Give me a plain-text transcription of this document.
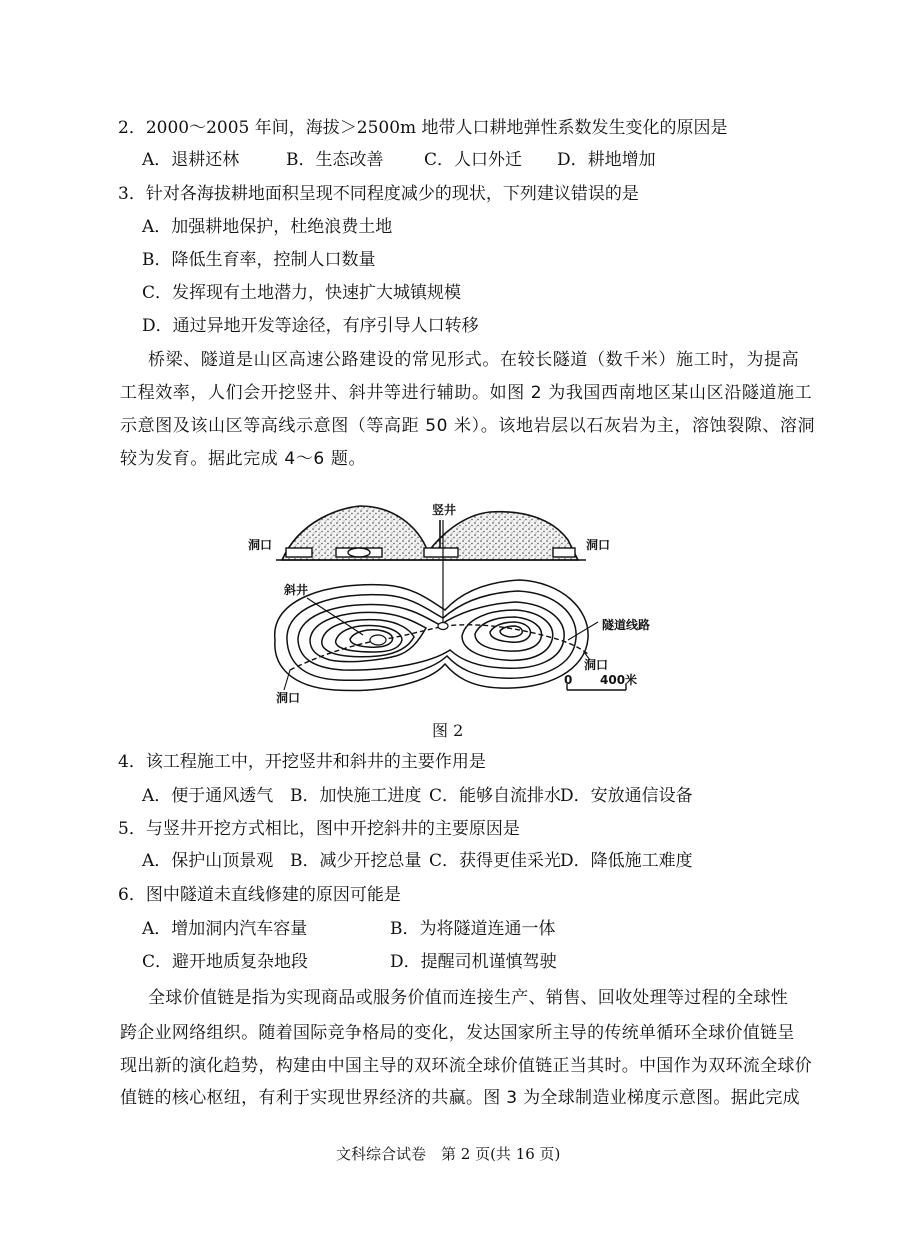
2．2000～2005 年间，海拔＞2500m 地带人口耕地弹性系数发生变化的原因是
A．退耕还林	B．生态改善 C．人口外迁 D．耕地增加
3．针对各海拔耕地面积呈现不同程度减少的现状，下列建议错误的是
A．加强耕地保护，杜绝浪费土地
B．降低生育率，控制人口数量
C．发挥现有土地潜力，快速扩大城镇规模
D．通过异地开发等途径，有序引导人口转移
桥梁、隧道是山区高速公路建设的常见形式。在较长隧道（数千米）施工时，为提高
工程效率，人们会开挖竖井、斜井等进行辅助。如图 2 为我国西南地区某山区沿隧道施工
示意图及该山区等高线示意图（等高距 50 米）。该地岩层以石灰岩为主，溶蚀裂隙、溶洞
较为发育。据此完成 4～6 题。
竖井
洞口	洞口
斜井
隧道线路
洞口
洞口
0 400米
图 2
4．该工程施工中，开挖竖井和斜井的主要作用是
A．便于通风透气 B．加快施工进度 C．能够自流排水
D．安放通信设备
5．与竖井开挖方式相比，图中开挖斜井的主要原因是
A．保护山顶景观 B．减少开挖总量 C．获得更佳采光
D．降低施工难度
6．图中隧道未直线修建的原因可能是
A．增加洞内汽车容量	B．为将隧道连通一体
C．避开地质复杂地段	D．提醒司机谨慎驾驶
全球价值链是指为实现商品或服务价值而连接生产、销售、回收处理等过程的全球性
跨企业网络组织。随着国际竞争格局的变化，发达国家所主导的传统单循环全球价值链呈
现出新的演化趋势，构建由中国主导的双环流全球价值链正当其时。中国作为双环流全球价
值链的核心枢纽，有利于实现世界经济的共赢。图 3 为全球制造业梯度示意图。据此完成
文科综合试卷　第 2 页(共 16 页)
